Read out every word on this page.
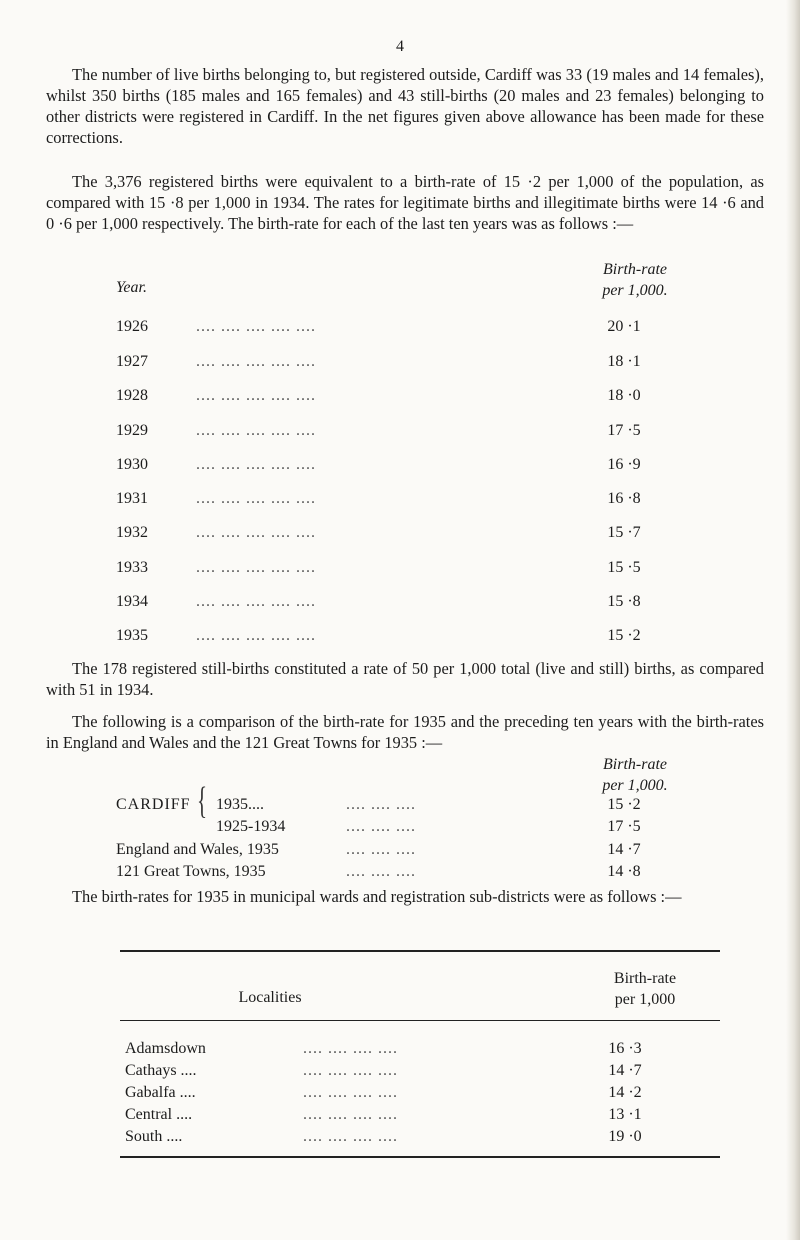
4

The number of live births belonging to, but registered outside, Cardiff was 33 (19 males and 14 females), whilst 350 births (185 males and 165 females) and 43 still-births (20 males and 23 females) belonging to other districts were registered in Cardiff. In the net figures given above allowance has been made for these corrections.

The 3,376 registered births were equivalent to a birth-rate of 15 ·2 per 1,000 of the population, as compared with 15 ·8 per 1,000 in 1934. The rates for legitimate births and illegitimate births were 14 ·6 and 0 ·6 per 1,000 respectively. The birth-rate for each of the last ten years was as follows :—

Year.
Birth-rate
per 1,000.
1926	.... .... .... .... ....	20 ·1
1927	.... .... .... .... ....	18 ·1
1928	.... .... .... .... ....	18 ·0
1929	.... .... .... .... ....	17 ·5
1930	.... .... .... .... ....	16 ·9
1931	.... .... .... .... ....	16 ·8
1932	.... .... .... .... ....	15 ·7
1933	.... .... .... .... ....	15 ·5
1934	.... .... .... .... ....	15 ·8
1935	.... .... .... .... ....	15 ·2

The 178 registered still-births constituted a rate of 50 per 1,000 total (live and still) births, as compared with 51 in 1934.

The following is a comparison of the birth-rate for 1935 and the preceding ten years with the birth-rates in England and Wales and the 121 Great Towns for 1935 :—

Birth-rate
per 1,000.
CARDIFF { 1935....	.... .... ....	15 ·2
1925-1934	.... .... ....	17 ·5
England and Wales, 1935	.... .... ....	14 ·7
121 Great Towns, 1935	.... .... ....	14 ·8

The birth-rates for 1935 in municipal wards and registration sub-districts were as follows :—

Localities
Birth-rate
per 1,000
Adamsdown	.... .... .... ....	16 ·3
Cathays ....	.... .... .... ....	14 ·7
Gabalfa ....	.... .... .... ....	14 ·2
Central ....	.... .... .... ....	13 ·1
South ....	.... .... .... ....	19 ·0
